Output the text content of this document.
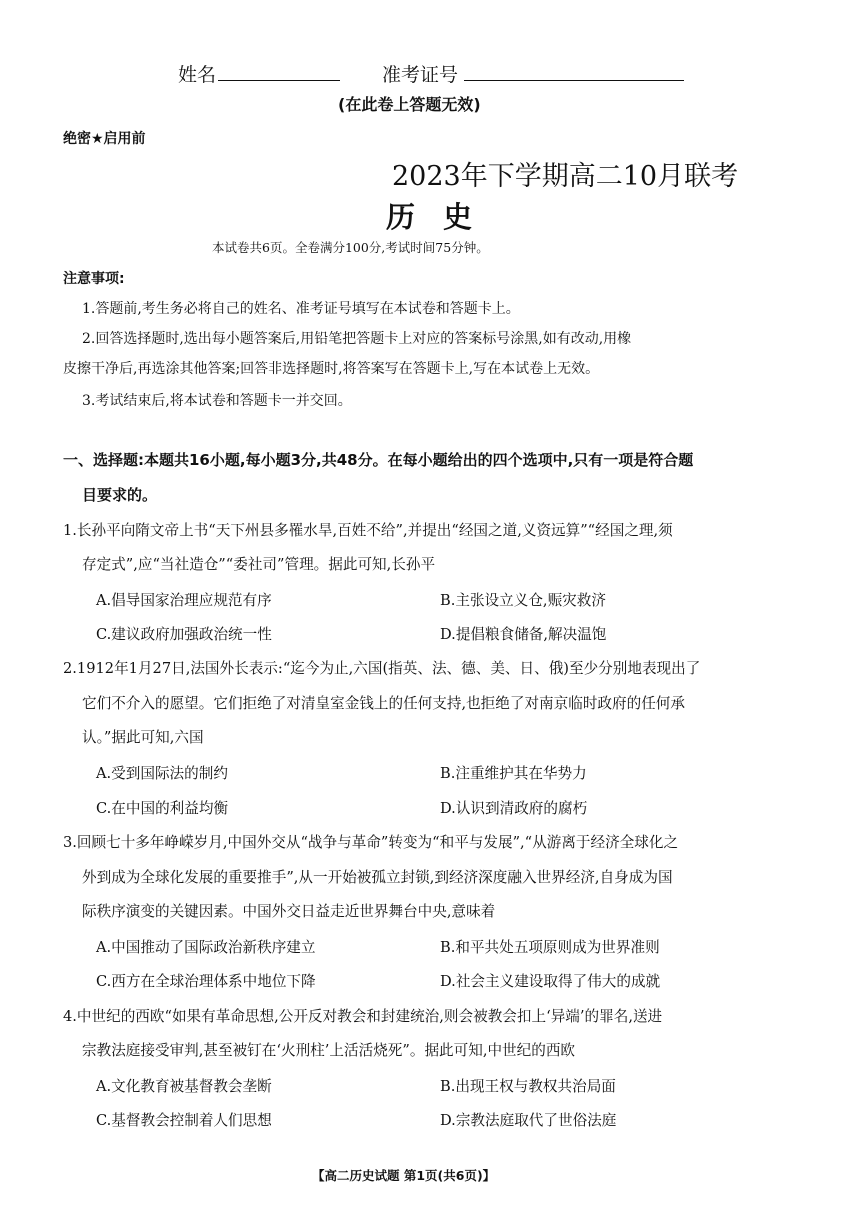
姓名	准考证号
(在此卷上答题无效)
绝密★启用前
2023年下学期高二10月联考
历史
本试卷共6页。全卷满分100分,考试时间75分钟。
注意事项:
1.答题前,考生务必将自己的姓名、准考证号填写在本试卷和答题卡上。
2.回答选择题时,选出每小题答案后,用铅笔把答题卡上对应的答案标号涂黑,如有改动,用橡
皮擦干净后,再选涂其他答案;回答非选择题时,将答案写在答题卡上,写在本试卷上无效。
3.考试结束后,将本试卷和答题卡一并交回。
一、选择题:本题共16小题,每小题3分,共48分。在每小题给出的四个选项中,只有一项是符合题
目要求的。
1.长孙平向隋文帝上书“天下州县多罹水旱,百姓不给”,并提出“经国之道,义资远算”“经国之理,须
存定式”,应“当社造仓”“委社司”管理。据此可知,长孙平
A.倡导国家治理应规范有序	B.主张设立义仓,赈灾救济
C.建议政府加强政治统一性	D.提倡粮食储备,解决温饱
2.1912年1月27日,法国外长表示:“迄今为止,六国(指英、法、德、美、日、俄)至少分别地表现出了
它们不介入的愿望。它们拒绝了对清皇室金钱上的任何支持,也拒绝了对南京临时政府的任何承
认。”据此可知,六国
A.受到国际法的制约	B.注重维护其在华势力
C.在中国的利益均衡	D.认识到清政府的腐朽
3.回顾七十多年峥嵘岁月,中国外交从“战争与革命”转变为“和平与发展”,“从游离于经济全球化之
外到成为全球化发展的重要推手”,从一开始被孤立封锁,到经济深度融入世界经济,自身成为国
际秩序演变的关键因素。中国外交日益走近世界舞台中央,意味着
A.中国推动了国际政治新秩序建立	B.和平共处五项原则成为世界准则
C.西方在全球治理体系中地位下降	D.社会主义建设取得了伟大的成就
4.中世纪的西欧“如果有革命思想,公开反对教会和封建统治,则会被教会扣上‘异端’的罪名,送进
宗教法庭接受审判,甚至被钉在‘火刑柱’上活活烧死”。据此可知,中世纪的西欧
A.文化教育被基督教会垄断	B.出现王权与教权共治局面
C.基督教会控制着人们思想	D.宗教法庭取代了世俗法庭
【高二历史试题 第1页(共6页)】
